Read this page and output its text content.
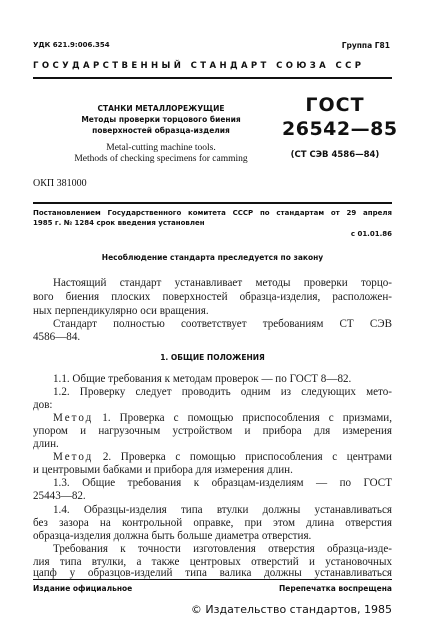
УДК 621.9:006.354	Группа Г81
ГОСУДАРСТВЕННЫЙ СТАНДАРТ СОЮЗА ССР
СТАНКИ МЕТАЛЛОРЕЖУЩИЕ
Методы проверки торцового биения
поверхностей образца-изделия
Metal-cutting machine tools.
Methods of checking specimens for camming
ГОСТ
26542—85
(СТ СЭВ 4586—84)
ОКП 381000
Постановлением Государственного комитета СССР по стандартам от 29 апреля
1985 г. № 1284 срок введения установлен
с 01.01.86
Несоблюдение стандарта преследуется по закону
Настоящий стандарт устанавливает методы проверки торцо-
вого биения плоских поверхностей образца-изделия, расположен-
ных перпендикулярно оси вращения.
Стандарт полностью соответствует требованиям СТ СЭВ
4586—84.
1. ОБЩИЕ ПОЛОЖЕНИЯ
1.1. Общие требования к методам проверок — по ГОСТ 8—82.
1.2. Проверку следует проводить одним из следующих мето-
дов:
Метод 1. Проверка с помощью приспособления с призмами,
упором и нагрузочным устройством и прибора для измерения
длин.
Метод 2. Проверка с помощью приспособления с центрами
и центровыми бабками и прибора для измерения длин.
1.3. Общие требования к образцам-изделиям — по ГОСТ
25443—82.
1.4. Образцы-изделия типа втулки должны устанавливаться
без зазора на контрольной оправке, при этом длина отверстия
образца-изделия должна быть больше диаметра отверстия.
Требования к точности изготовления отверстия образца-изде-
лия типа втулки, а также центровых отверстий и установочных
цапф у образцов-изделий типа валика должны устанавливаться
Издание официальное	Перепечатка воспрещена
© Издательство стандартов, 1985
